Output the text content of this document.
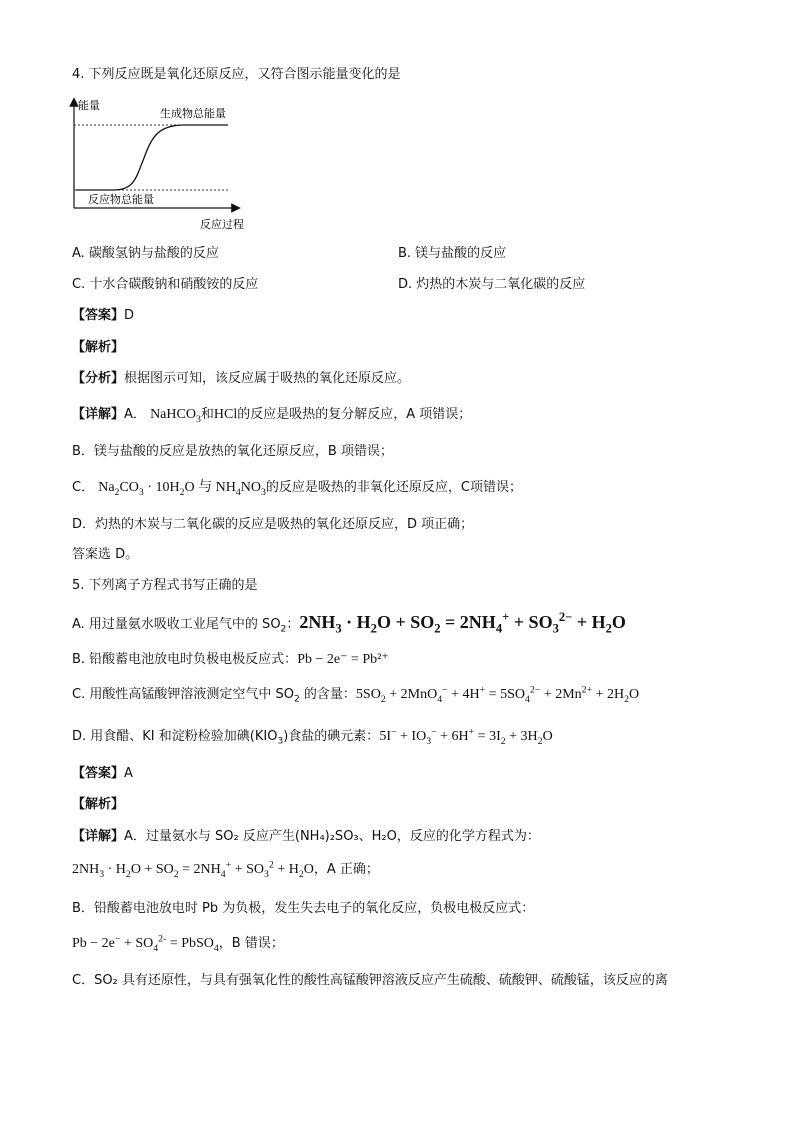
4. 下列反应既是氧化还原反应，又符合图示能量变化的是
能量
生成物总能量
反应物总能量
反应过程
A. 碳酸氢钠与盐酸的反应	B. 镁与盐酸的反应
C. 十水合碳酸钠和硝酸铵的反应	D. 灼热的木炭与二氧化碳的反应
【答案】D
【解析】
【分析】根据图示可知，该反应属于吸热的氧化还原反应。
【详解】A． NaHCO$_3$和HCl的反应是吸热的复分解反应，A 项错误；
B．镁与盐酸的反应是放热的氧化还原反应，B 项错误；
C． $Na_2CO_3 \cdot 10H_2O$ 与 $NH_4NO_3$的反应是吸热的非氧化还原反应，C项错误；
D．灼热的木炭与二氧化碳的反应是吸热的氧化还原反应，D 项正确；
答案选 D。
5. 下列离子方程式书写正确的是
A. 用过量氨水吸收工业尾气中的 $SO_2$：$2NH_3 \cdot H_2O + SO_2 = 2NH_4^+ + SO_3^{2-} + H_2O$
B. 铅酸蓄电池放电时负极电极反应式：Pb − 2e⁻ = Pb²⁺
C. 用酸性高锰酸钾溶液测定空气中 $SO_2$ 的含量：$5SO_2 + 2MnO_4^- + 4H^+ = 5SO_4^{2-} + 2Mn^{2+} + 2H_2O$
D. 用食醋、KI 和淀粉检验加碘$(KIO_3)$食盐的碘元素：$5I^- + IO_3^- + 6H^+ = 3I_2 + 3H_2O$
【答案】A
【解析】
【详解】A．过量氨水与 SO₂ 反应产生(NH₄)₂SO₃、H₂O，反应的化学方程式为：
$2NH_3 \cdot H_2O + SO_2 = 2NH_4^+ + SO_3^2 + H_2O$，A 正确；
B．铅酸蓄电池放电时 Pb 为负极，发生失去电子的氧化反应，负极电极反应式：
$Pb - 2e^- + SO_4^{2-}$ = PbSO$_4$，B 错误；
C．SO₂ 具有还原性，与具有强氧化性的酸性高锰酸钾溶液反应产生硫酸、硫酸钾、硫酸锰，该反应的离
